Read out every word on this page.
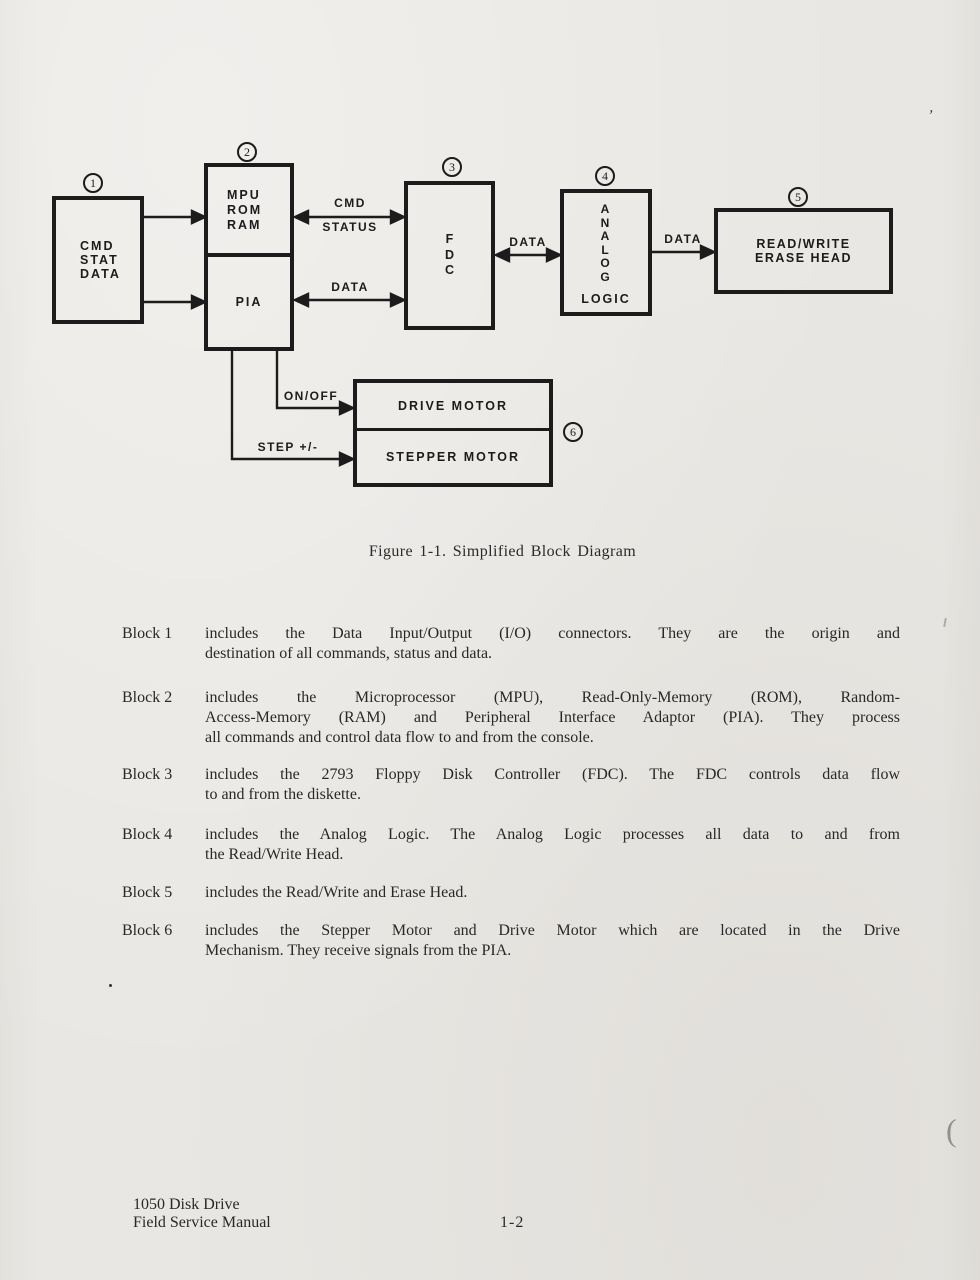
CMD
STAT
DATA
MPU
ROM
RAM
PIA
F
D
C
A
N
A
L
O
G
LOGIC
READ/WRITE
ERASE HEAD
DRIVE MOTOR
STEPPER MOTOR
1
2
3
4
5
6
CMD
STATUS
DATA
DATA	DATA
ON/OFF
STEP +/-
Figure 1-1. Simplified Block Diagram
Block 1	includes the Data Input/Output (I/O) connectors. They are the origin and
destination of all commands, status and data.
Block 2	includes the Microprocessor (MPU), Read-Only-Memory (ROM), Random-
Access-Memory (RAM) and Peripheral Interface Adaptor (PIA). They process
all commands and control data flow to and from the console.
Block 3	includes the 2793 Floppy Disk Controller (FDC). The FDC controls data flow
to and from the diskette.
Block 4	includes the Analog Logic. The Analog Logic processes all data to and from
the Read/Write Head.
Block 5	includes the Read/Write and Erase Head.
Block 6	includes the Stepper Motor and Drive Motor which are located in the Drive
Mechanism. They receive signals from the PIA.
1050 Disk Drive
Field Service Manual	1-2
’
(
